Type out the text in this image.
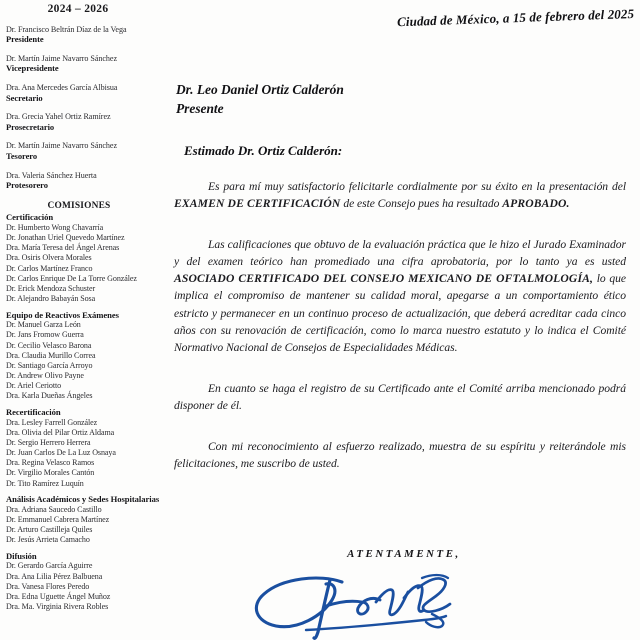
2024 – 2026
Dr. Francisco Beltrán Díaz de la Vega
Presidente
Dr. Martín Jaime Navarro Sánchez
Vicepresidente
Dra. Ana Mercedes García Albisua
Secretario
Dra. Grecia Yahel Ortiz Ramírez
Prosecretario
Dr. Martín Jaime Navarro Sánchez
Tesorero
Dra. Valeria Sánchez Huerta
Protesorero
COMISIONES
Certificación
Dr. Humberto Wong Chavarría
Dr. Jonathan Uriel Quevedo Martínez
Dra. María Teresa del Ángel Arenas
Dra. Osiris Olvera Morales
Dr. Carlos Martínez Franco
Dr. Carlos Enrique De La Torre González
Dr. Erick Mendoza Schuster
Dr. Alejandro Babayán Sosa
Equipo de Reactivos Exámenes
Dr. Manuel Garza León
Dr. Jans Fromow Guerra
Dr. Cecilio Velasco Barona
Dra. Claudia Murillo Correa
Dr. Santiago García Arroyo
Dr. Andrew Olivo Payne
Dr. Ariel Ceriotto
Dra. Karla Dueñas Ángeles
Recertificación
Dra. Lesley Farrell González
Dra. Olivia del Pilar Ortiz Aldama
Dr. Sergio Herrero Herrera
Dr. Juan Carlos De La Luz Osnaya
Dra. Regina Velasco Ramos
Dr. Virgilio Morales Cantón
Dr. Tito Ramírez Luquín
Análisis Académicos y Sedes Hospitalarias
Dra. Adriana Saucedo Castillo
Dr. Emmanuel Cabrera Martínez
Dr. Arturo Castilleja Quiles
Dr. Jesús Arrieta Camacho
Difusión
Dr. Gerardo García Aguirre
Dra. Ana Lilia Pérez Balbuena
Dra. Vanesa Flores Peredo
Dra. Edna Uguette Ángel Muñoz
Dra. Ma. Virginia Rivera Robles
Ciudad de México, a 15 de febrero del 2025
Dr. Leo Daniel Ortiz Calderón
Presente
Estimado Dr. Ortiz Calderón:

Es para mí muy satisfactorio felicitarle cordialmente por su éxito en la presentación del EXAMEN DE CERTIFICACIÓN de este Consejo pues ha resultado APROBADO.

Las calificaciones que obtuvo de la evaluación práctica que le hizo el Jurado Examinador y del examen teórico han promediado una cifra aprobatoria, por lo tanto ya es usted ASOCIADO CERTIFICADO DEL CONSEJO MEXICANO DE OFTALMOLOGÍA, lo que implica el compromiso de mantener su calidad moral, apegarse a un comportamiento ético estricto y permanecer en un continuo proceso de actualización, que deberá acreditar cada cinco años con su renovación de certificación, como lo marca nuestro estatuto y lo indica el Comité Normativo Nacional de Consejos de Especialidades Médicas.

En cuanto se haga el registro de su Certificado ante el Comité arriba mencionado podrá disponer de él.

Con mi reconocimiento al esfuerzo realizado, muestra de su espíritu y reiterándole mis felicitaciones, me suscribo de usted.

ATENTAMENTE,
